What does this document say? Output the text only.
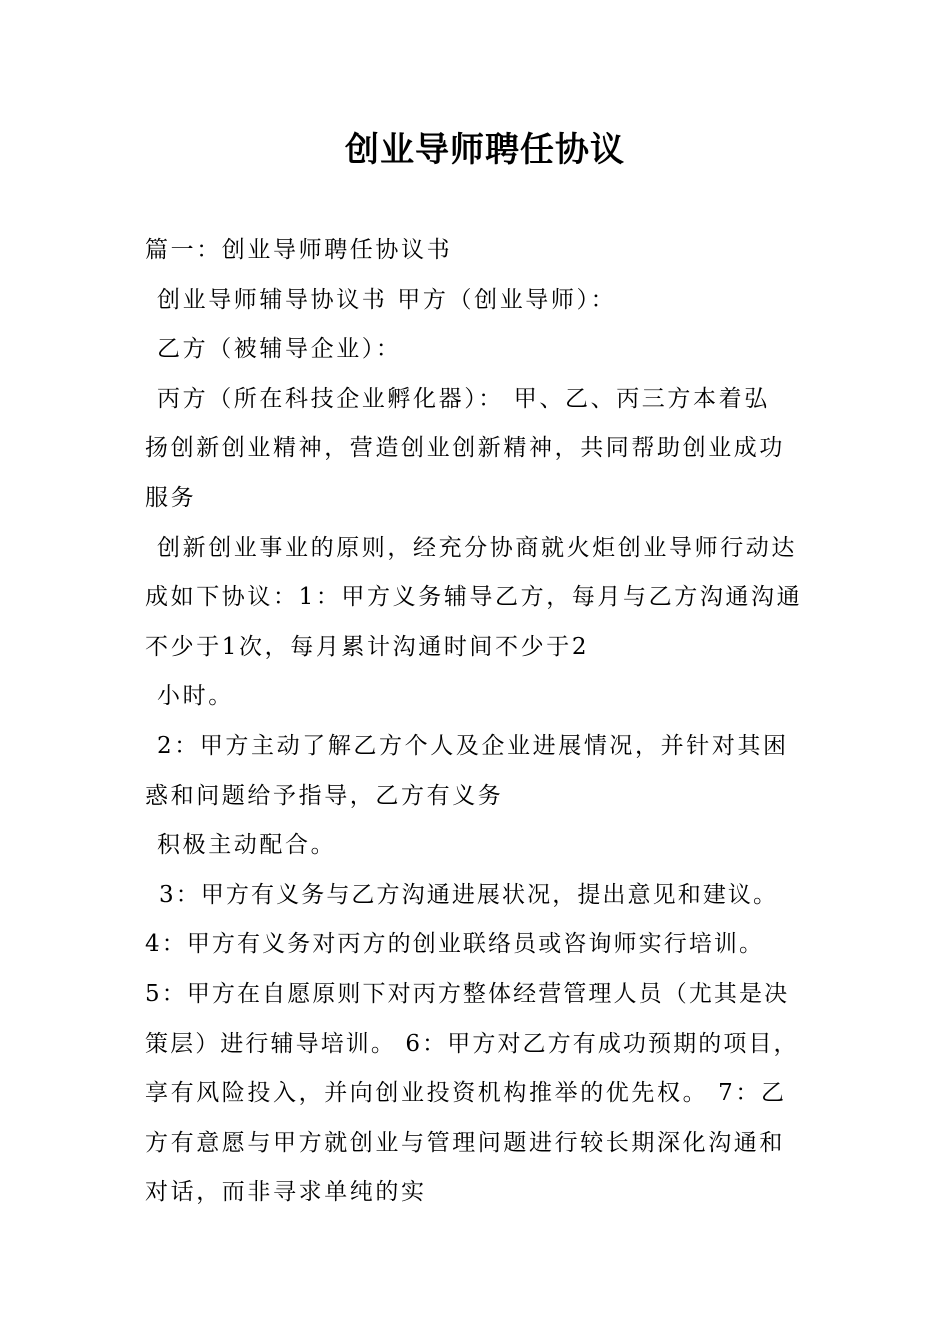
创业导师聘任协议
篇一：创业导师聘任协议书
创业导师辅导协议书 甲方（创业导师）：
乙方（被辅导企业）：
丙方（所在科技企业孵化器）： 甲、乙、丙三方本着弘
扬创新创业精神，营造创业创新精神，共同帮助创业成功
服务
创新创业事业的原则，经充分协商就火炬创业导师行动达
成如下协议：1：甲方义务辅导乙方，每月与乙方沟通沟通
不少于1次，每月累计沟通时间不少于2
小时。
2：甲方主动了解乙方个人及企业进展情况，并针对其困
惑和问题给予指导，乙方有义务
积极主动配合。
3：甲方有义务与乙方沟通进展状况，提出意见和建议。
4：甲方有义务对丙方的创业联络员或咨询师实行培训。
5：甲方在自愿原则下对丙方整体经营管理人员（尤其是决
策层）进行辅导培训。 6：甲方对乙方有成功预期的项目，
享有风险投入，并向创业投资机构推举的优先权。 7：乙
方有意愿与甲方就创业与管理问题进行较长期深化沟通和
对话，而非寻求单纯的实
